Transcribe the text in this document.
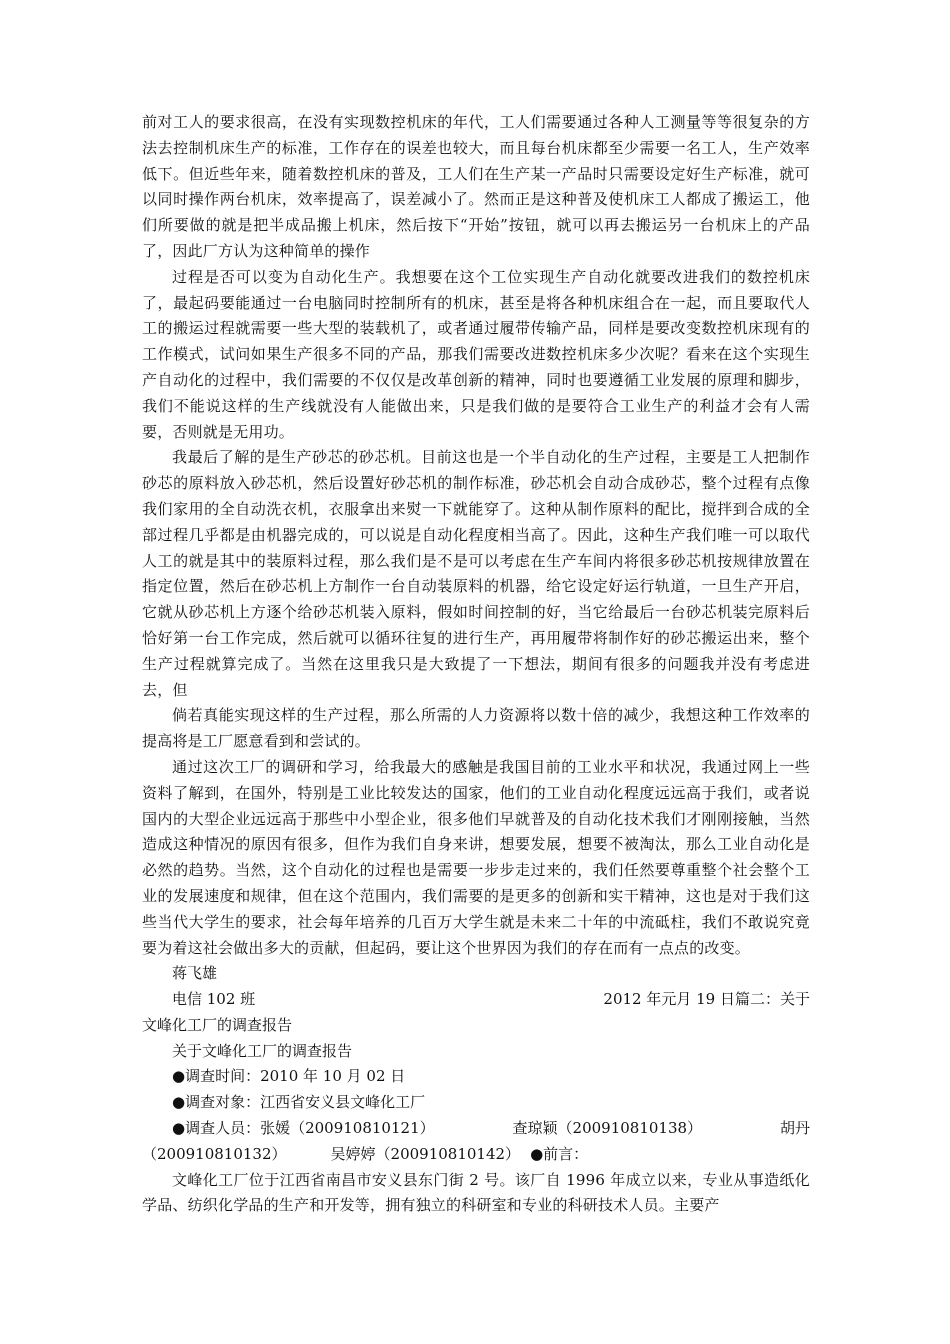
前对工人的要求很高，在没有实现数控机床的年代，工人们需要通过各种人工测量等等很复杂的方法去控制机床生产的标准，工作存在的误差也较大，而且每台机床都至少需要一名工人，生产效率低下。但近些年来，随着数控机床的普及，工人们在生产某一产品时只需要设定好生产标准，就可以同时操作两台机床，效率提高了，误差减小了。然而正是这种普及使机床工人都成了搬运工，他们所要做的就是把半成品搬上机床，然后按下“开始”按钮，就可以再去搬运另一台机床上的产品了，因此厂方认为这种简单的操作

过程是否可以变为自动化生产。我想要在这个工位实现生产自动化就要改进我们的数控机床了，最起码要能通过一台电脑同时控制所有的机床，甚至是将各种机床组合在一起，而且要取代人工的搬运过程就需要一些大型的装载机了，或者通过履带传输产品，同样是要改变数控机床现有的工作模式，试问如果生产很多不同的产品，那我们需要改进数控机床多少次呢？看来在这个实现生产自动化的过程中，我们需要的不仅仅是改革创新的精神，同时也要遵循工业发展的原理和脚步，我们不能说这样的生产线就没有人能做出来，只是我们做的是要符合工业生产的利益才会有人需要，否则就是无用功。

我最后了解的是生产砂芯的砂芯机。目前这也是一个半自动化的生产过程，主要是工人把制作砂芯的原料放入砂芯机，然后设置好砂芯机的制作标准，砂芯机会自动合成砂芯，整个过程有点像我们家用的全自动洗衣机，衣服拿出来熨一下就能穿了。这种从制作原料的配比，搅拌到合成的全部过程几乎都是由机器完成的，可以说是自动化程度相当高了。因此，这种生产我们唯一可以取代人工的就是其中的装原料过程，那么我们是不是可以考虑在生产车间内将很多砂芯机按规律放置在指定位置，然后在砂芯机上方制作一台自动装原料的机器，给它设定好运行轨道，一旦生产开启，它就从砂芯机上方逐个给砂芯机装入原料，假如时间控制的好，当它给最后一台砂芯机装完原料后恰好第一台工作完成，然后就可以循环往复的进行生产，再用履带将制作好的砂芯搬运出来，整个生产过程就算完成了。当然在这里我只是大致提了一下想法，期间有很多的问题我并没有考虑进去，但

倘若真能实现这样的生产过程，那么所需的人力资源将以数十倍的减少，我想这种工作效率的提高将是工厂愿意看到和尝试的。

通过这次工厂的调研和学习，给我最大的感触是我国目前的工业水平和状况，我通过网上一些资料了解到，在国外，特别是工业比较发达的国家，他们的工业自动化程度远远高于我们，或者说国内的大型企业远远高于那些中小型企业，很多他们早就普及的自动化技术我们才刚刚接触，当然造成这种情况的原因有很多，但作为我们自身来讲，想要发展，想要不被淘汰，那么工业自动化是必然的趋势。当然，这个自动化的过程也是需要一步步走过来的，我们任然要尊重整个社会整个工业的发展速度和规律，但在这个范围内，我们需要的是更多的创新和实干精神，这也是对于我们这些当代大学生的要求，社会每年培养的几百万大学生就是未来二十年的中流砥柱，我们不敢说究竟要为着这社会做出多大的贡献，但起码，要让这个世界因为我们的存在而有一点点的改变。

蒋飞雄

电信 102 班	2012 年元月 19 日篇二：关于

文峰化工厂的调查报告

关于文峰化工厂的调查报告

●调查时间：2010 年 10 月 02 日

●调查对象：江西省安义县文峰化工厂

●调查人员：张媛（200910810121）	查琼颖（200910810138）	胡丹

（200910810132）	吴婷婷（200910810142） ●前言：

文峰化工厂位于江西省南昌市安义县东门街 2 号。该厂自 1996 年成立以来，专业从事造纸化学品、纺织化学品的生产和开发等，拥有独立的科研室和专业的科研技术人员。主要产
